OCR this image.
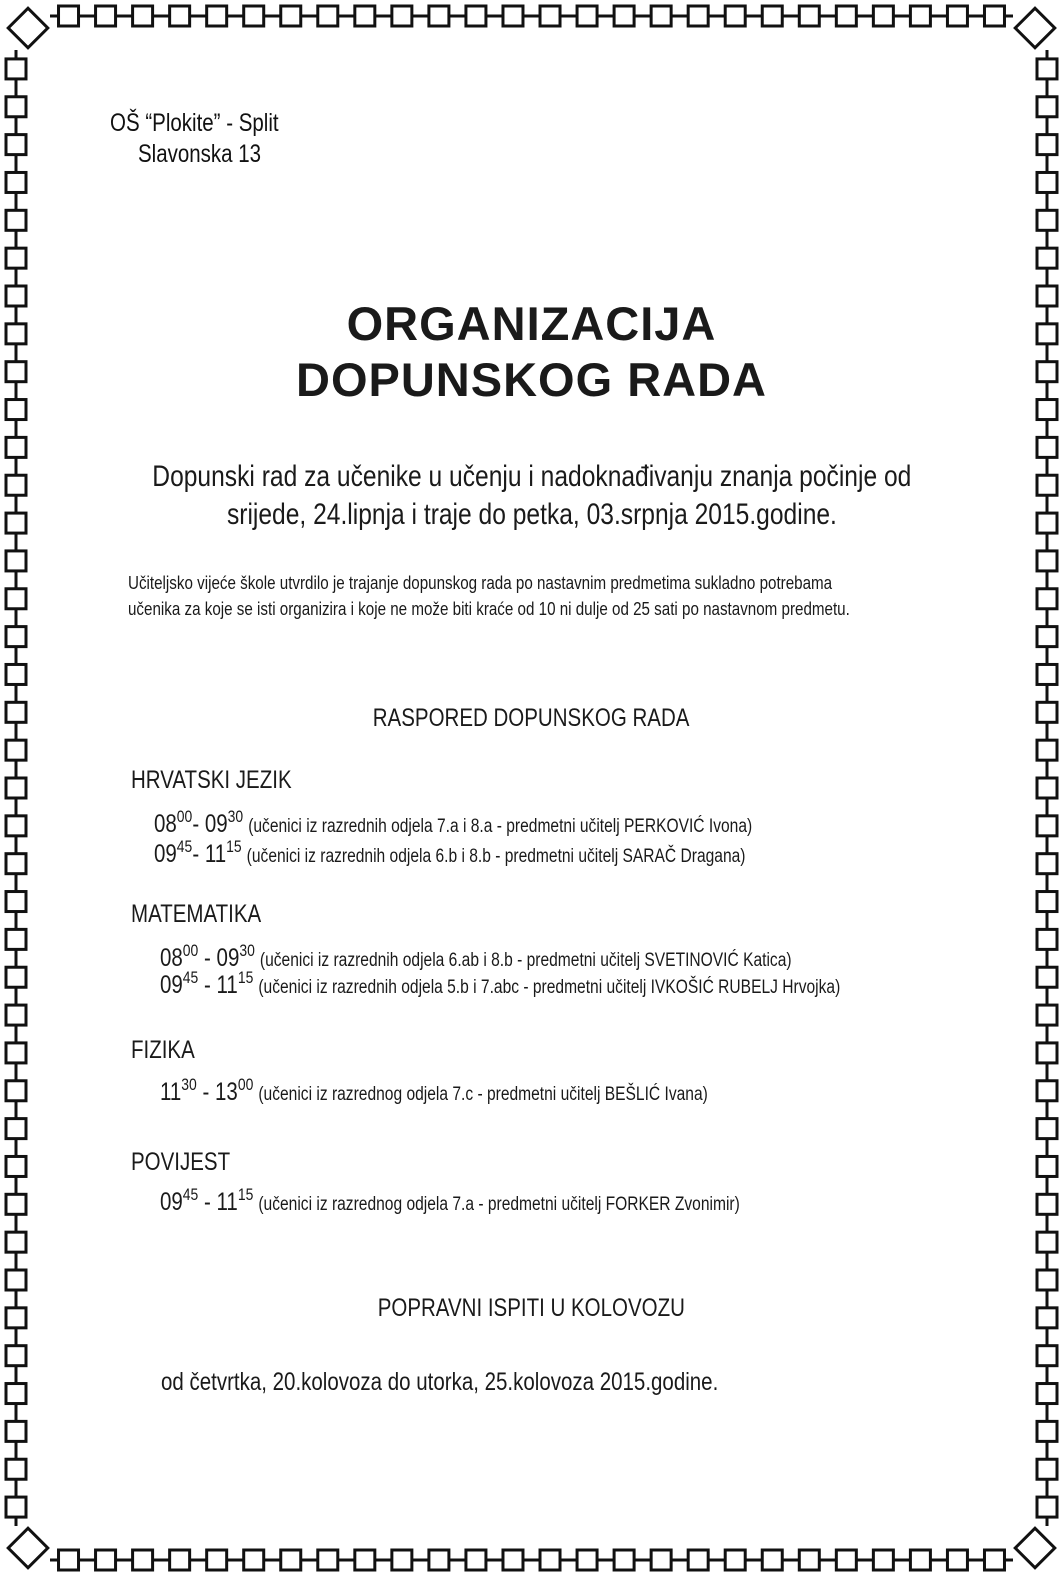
OŠ “Plokite” - Split
Slavonska 13
ORGANIZACIJA
DOPUNSKOG RADA
Dopunski rad za učenike u učenju i nadoknađivanju znanja počinje od
srijede, 24.lipnja i traje do petka, 03.srpnja 2015.godine.
Učiteljsko vijeće škole utvrdilo je trajanje dopunskog rada po nastavnim predmetima sukladno potrebama
učenika za koje se isti organizira i koje ne može biti kraće od 10 ni dulje od 25 sati po nastavnom predmetu.
RASPORED DOPUNSKOG RADA
HRVATSKI JEZIK
$08^{00}-$ $09^{30}$ (učenici iz razrednih odjela 7.a i 8.a - predmetni učitelj PERKOVIĆ Ivona)
$09^{45}-$ $11^{15}$ (učenici iz razrednih odjela 6.b i 8.b - predmetni učitelj SARAČ Dragana)
MATEMATIKA
$08^{00} - 09^{30}$ (učenici iz razrednih odjela 6.ab i 8.b - predmetni učitelj SVETINOVIĆ Katica)
$09^{45} - 11^{15}$ (učenici iz razrednih odjela 5.b i 7.abc - predmetni učitelj IVKOŠIĆ RUBELJ Hrvojka)
FIZIKA
$11^{30} - 13^{00}$ (učenici iz razrednog odjela 7.c - predmetni učitelj BEŠLIĆ Ivana)
POVIJEST
$09^{45} - 11^{15}$ (učenici iz razrednog odjela 7.a - predmetni učitelj FORKER Zvonimir)
POPRAVNI ISPITI U KOLOVOZU
od četvrtka, 20.kolovoza do utorka, 25.kolovoza 2015.godine.
